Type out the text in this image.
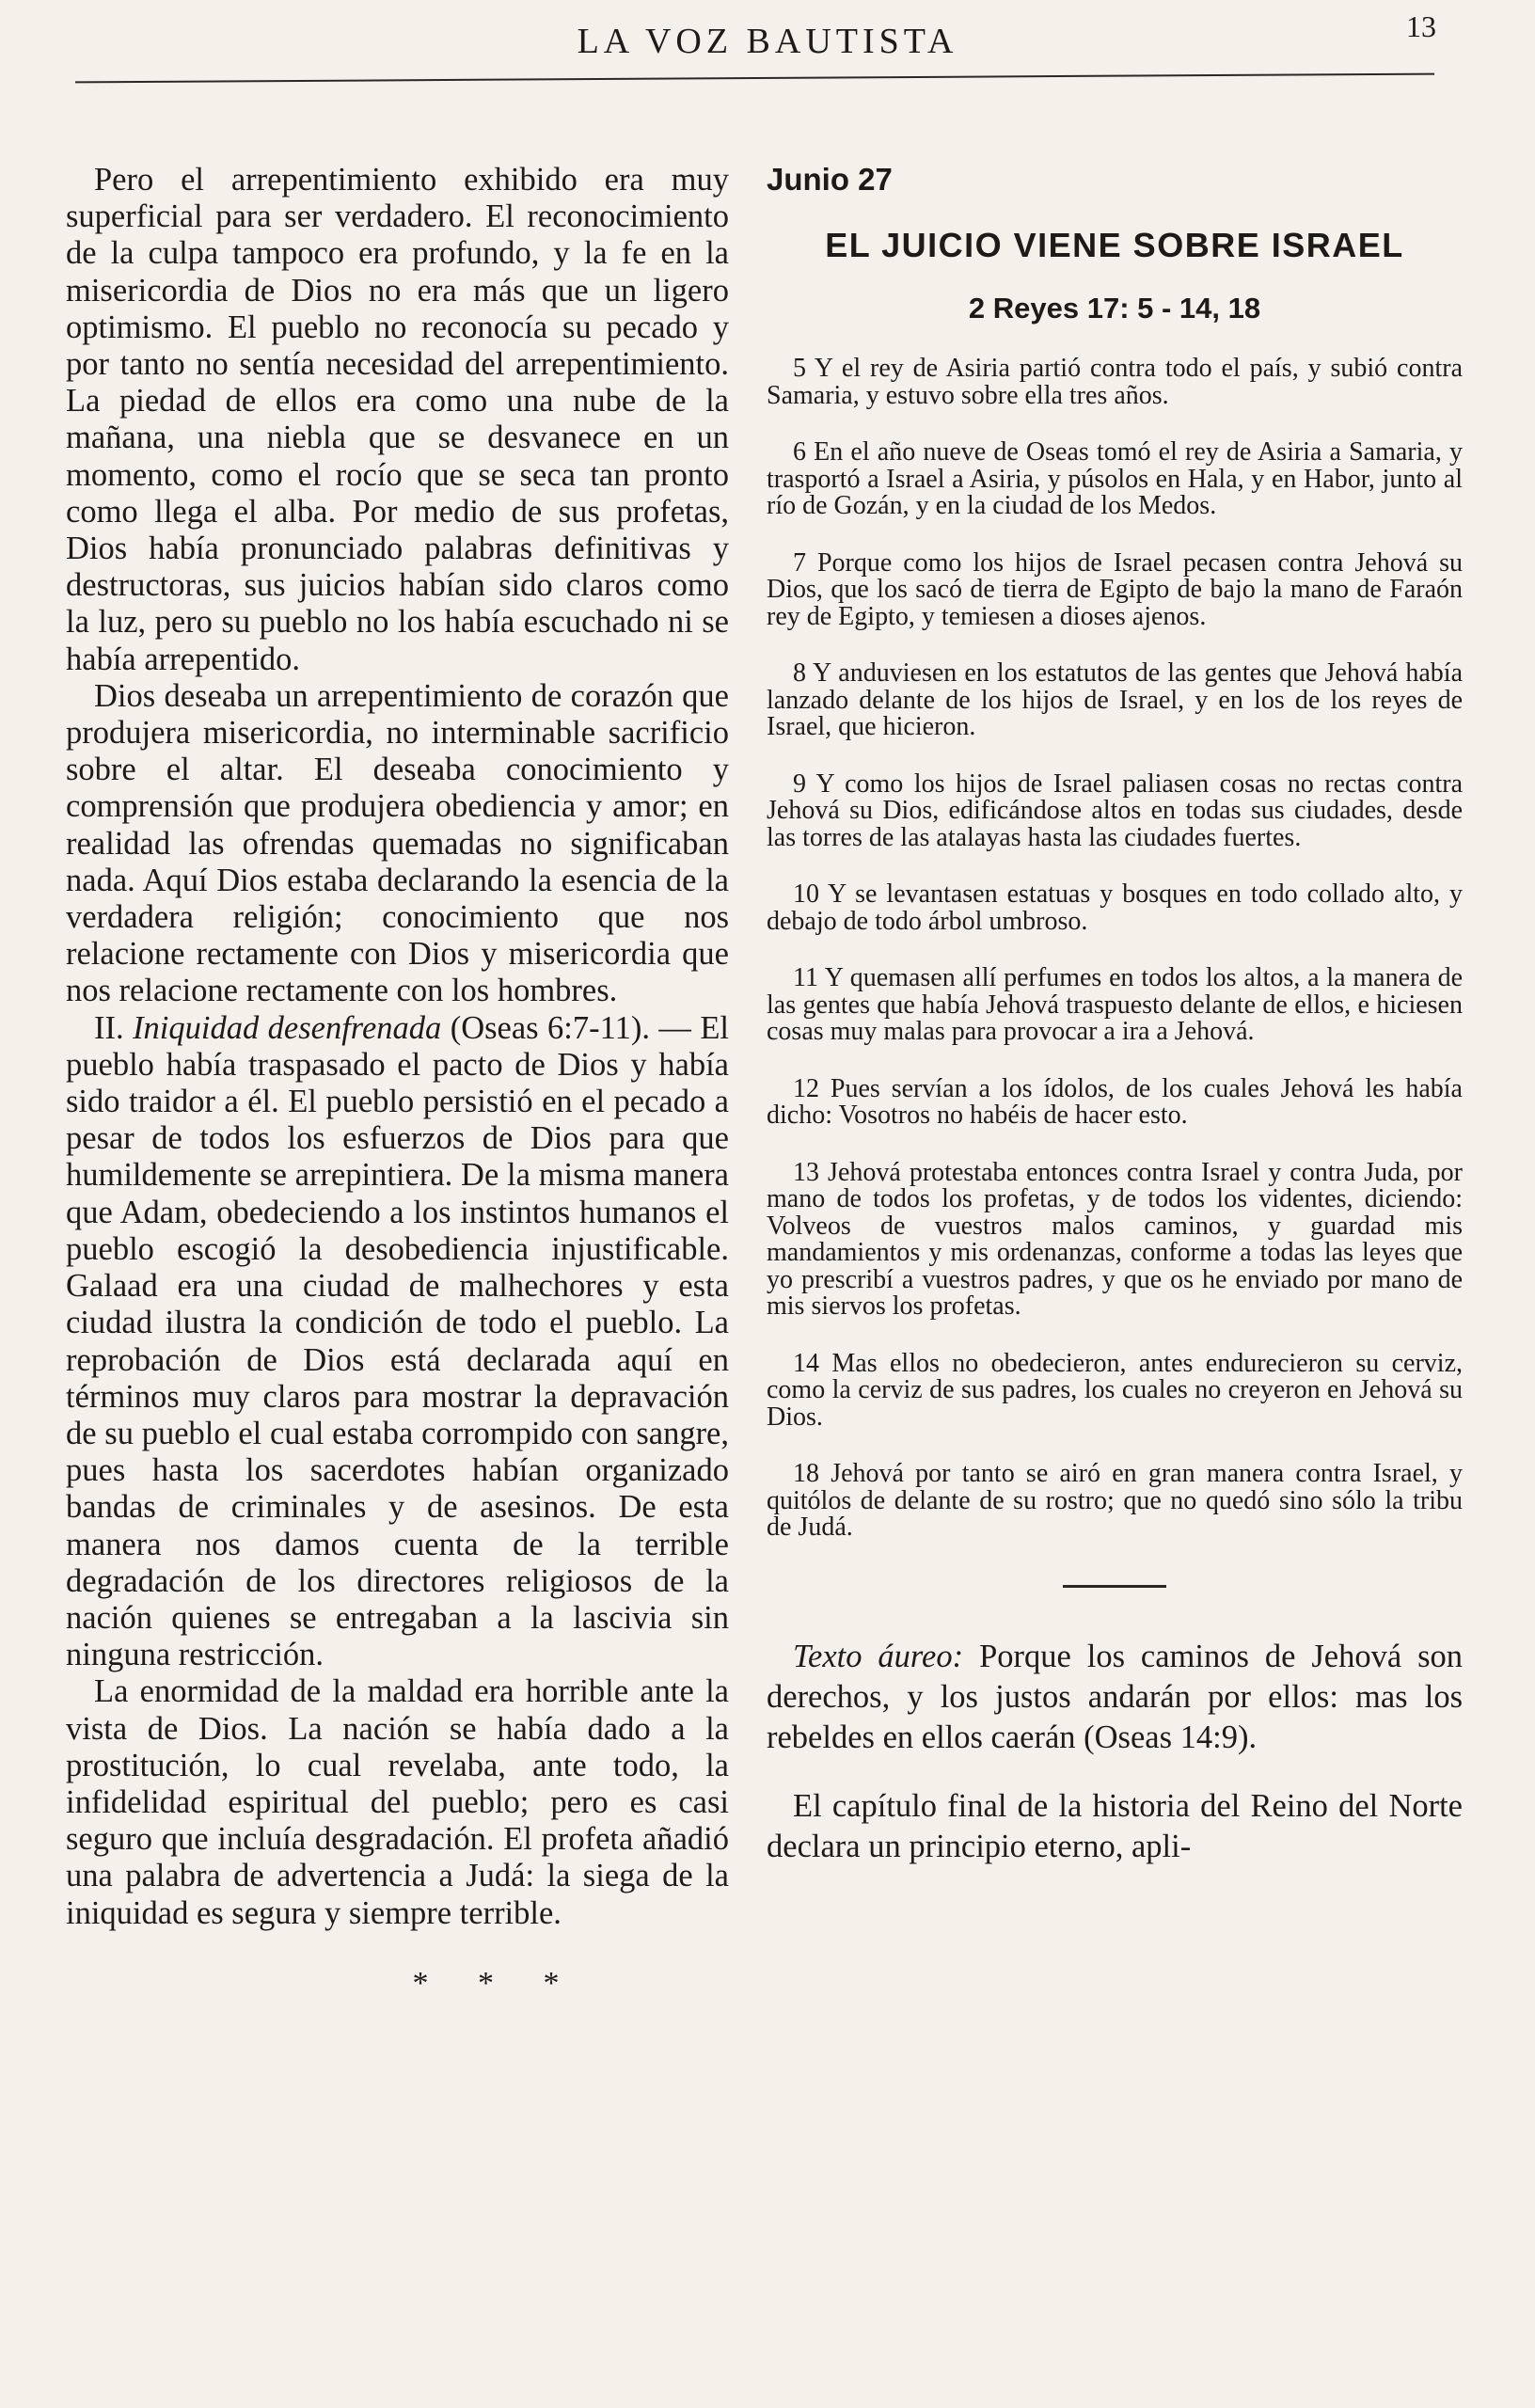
LA VOZ BAUTISTA	13

Pero el arrepentimiento exhibido era muy superficial para ser verdadero. El reconocimiento de la culpa tampoco era profundo, y la fe en la misericordia de Dios no era más que un ligero optimismo. El pueblo no reconocía su pecado y por tanto no sentía necesidad del arrepentimiento. La piedad de ellos era como una nube de la mañana, una niebla que se desvanece en un momento, como el rocío que se seca tan pronto como llega el alba. Por medio de sus profetas, Dios había pronunciado palabras definitivas y destructoras, sus juicios habían sido claros como la luz, pero su pueblo no los había escuchado ni se había arrepentido.

Dios deseaba un arrepentimiento de corazón que produjera misericordia, no interminable sacrificio sobre el altar. El deseaba conocimiento y comprensión que produjera obediencia y amor; en realidad las ofrendas quemadas no significaban nada. Aquí Dios estaba declarando la esencia de la verdadera religión; conocimiento que nos relacione rectamente con Dios y misericordia que nos relacione rectamente con los hombres.

II. Iniquidad desenfrenada (Oseas 6:7-11). — El pueblo había traspasado el pacto de Dios y había sido traidor a él. El pueblo persistió en el pecado a pesar de todos los esfuerzos de Dios para que humildemente se arrepintiera. De la misma manera que Adam, obedeciendo a los instintos humanos el pueblo escogió la desobediencia injustificable. Galaad era una ciudad de malhechores y esta ciudad ilustra la condición de todo el pueblo. La reprobación de Dios está declarada aquí en términos muy claros para mostrar la depravación de su pueblo el cual estaba corrompido con sangre, pues hasta los sacerdotes habían organizado bandas de criminales y de asesinos. De esta manera nos damos cuenta de la terrible degradación de los directores religiosos de la nación quienes se entregaban a la lascivia sin ninguna restricción.

La enormidad de la maldad era horrible ante la vista de Dios. La nación se había dado a la prostitución, lo cual revelaba, ante todo, la infidelidad espiritual del pueblo; pero es casi seguro que incluía desgradación. El profeta añadió una palabra de advertencia a Judá: la siega de la iniquidad es segura y siempre terrible.

* * *
Junio 27
EL JUICIO VIENE SOBRE ISRAEL
2 Reyes 17: 5 - 14, 18

5 Y el rey de Asiria partió contra todo el país, y subió contra Samaria, y estuvo sobre ella tres años.

6 En el año nueve de Oseas tomó el rey de Asiria a Samaria, y trasportó a Israel a Asiria, y púsolos en Hala, y en Habor, junto al río de Gozán, y en la ciudad de los Medos.

7 Porque como los hijos de Israel pecasen contra Jehová su Dios, que los sacó de tierra de Egipto de bajo la mano de Faraón rey de Egipto, y temiesen a dioses ajenos.

8 Y anduviesen en los estatutos de las gentes que Jehová había lanzado delante de los hijos de Israel, y en los de los reyes de Israel, que hicieron.

9 Y como los hijos de Israel paliasen cosas no rectas contra Jehová su Dios, edificándose altos en todas sus ciudades, desde las torres de las atalayas hasta las ciudades fuertes.

10 Y se levantasen estatuas y bosques en todo collado alto, y debajo de todo árbol umbroso.

11 Y quemasen allí perfumes en todos los altos, a la manera de las gentes que había Jehová traspuesto delante de ellos, e hiciesen cosas muy malas para provocar a ira a Jehová.

12 Pues servían a los ídolos, de los cuales Jehová les había dicho: Vosotros no habéis de hacer esto.

13 Jehová protestaba entonces contra Israel y contra Juda, por mano de todos los profetas, y de todos los videntes, diciendo: Volveos de vuestros malos caminos, y guardad mis mandamientos y mis ordenanzas, conforme a todas las leyes que yo prescribí a vuestros padres, y que os he enviado por mano de mis siervos los profetas.

14 Mas ellos no obedecieron, antes endurecieron su cerviz, como la cerviz de sus padres, los cuales no creyeron en Jehová su Dios.

18 Jehová por tanto se airó en gran manera contra Israel, y quitólos de delante de su rostro; que no quedó sino sólo la tribu de Judá.

Texto áureo: Porque los caminos de Jehová son derechos, y los justos andarán por ellos: mas los rebeldes en ellos caerán (Oseas 14:9).

El capítulo final de la historia del Reino del Norte declara un principio eterno, apli-
